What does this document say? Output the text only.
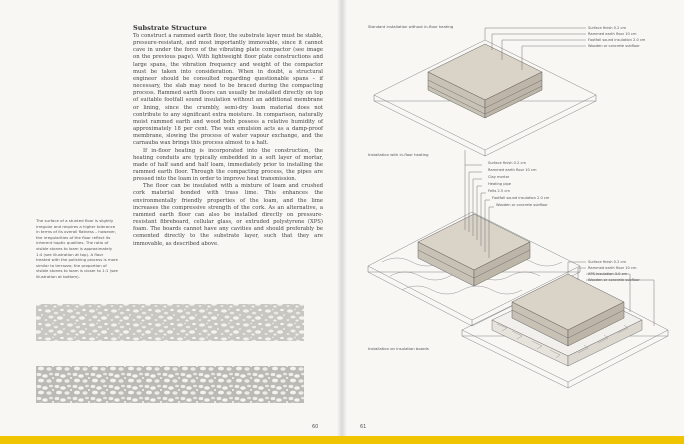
Substrate Structure

To construct a rammed earth floor, the substrate layer must be stable, pressure-resistant, and most importantly immovable, since it cannot cave in under the force of the vibrating plate compactor (see image on the previous page). With lightweight floor plate constructions and large spans, the vibration frequency and weight of the compactor must be taken into consideration. When in doubt, a structural engineer should be consulted regarding questionable spans – if necessary, the slab may need to be braced during the compacting process. Rammed earth floors can usually be installed directly on top of suitable footfall sound insulation without an additional membrane or lining, since the crumbly, semi-dry loam material does not contribute to any significant extra moisture. In comparison, naturally moist rammed earth and wood both possess a relative humidity of approximately 18 per cent. The wax emulsion acts as a damp-proof membrane, slowing the process of water vapour exchange, and the carnauba wax brings this process almost to a halt.

If in-floor heating is incorporated into the construction, the heating conduits are typically embedded in a soft layer of mortar, made of half sand and half loam, immediately prior to installing the rammed earth floor. Through the compacting process, the pipes are pressed into the loam in order to improve heat transmission.

The floor can be insulated with a mixture of loam and crushed cork material bonded with trass lime. This enhances the environmentally friendly properties of the loam, and the lime increases the compressive strength of the cork. As an alternative, a rammed earth floor can also be installed directly on pressure-resistant fibreboard, cellular glass, or extruded polystyrene (XPS) foam. The boards cannot have any cavities and should preferably be cemented directly to the substrate layer, such that they are immovable, as described above.

The surface of a stunted floor is slightly irregular and requires a higher tolerance in terms of its overall flatness – however, the irregularities of the floor reflect its inherent haptic qualities. The ratio of visible stones to loam is approximately 1:4 (see illustration at top). A floor treated with the polishing process is more similar to terrazzo; the proportion of visible stones to loam is closer to 1:1 (see illustration at bottom).
60
Standard installation without in-floor heating	Surface finish 0.2 cm
Rammed earth floor 10 cm
Footfall sound insulation 2.0 cm
Wooden or concrete subfloor
Installation with in-floor heating
Surface finish 0.2 cm
Rammed earth floor 10 cm
Clay mortar
Heating pipe
Felts 2.5 cm
Footfall sound insulation 2.0 cm
Wooden or concrete subfloor
Surface finish 0.2 cm
Rammed earth floor 10 cm
XPS insulation 3.0 cm
Wooden or concrete subfloor
Installation on insulation boards
61
